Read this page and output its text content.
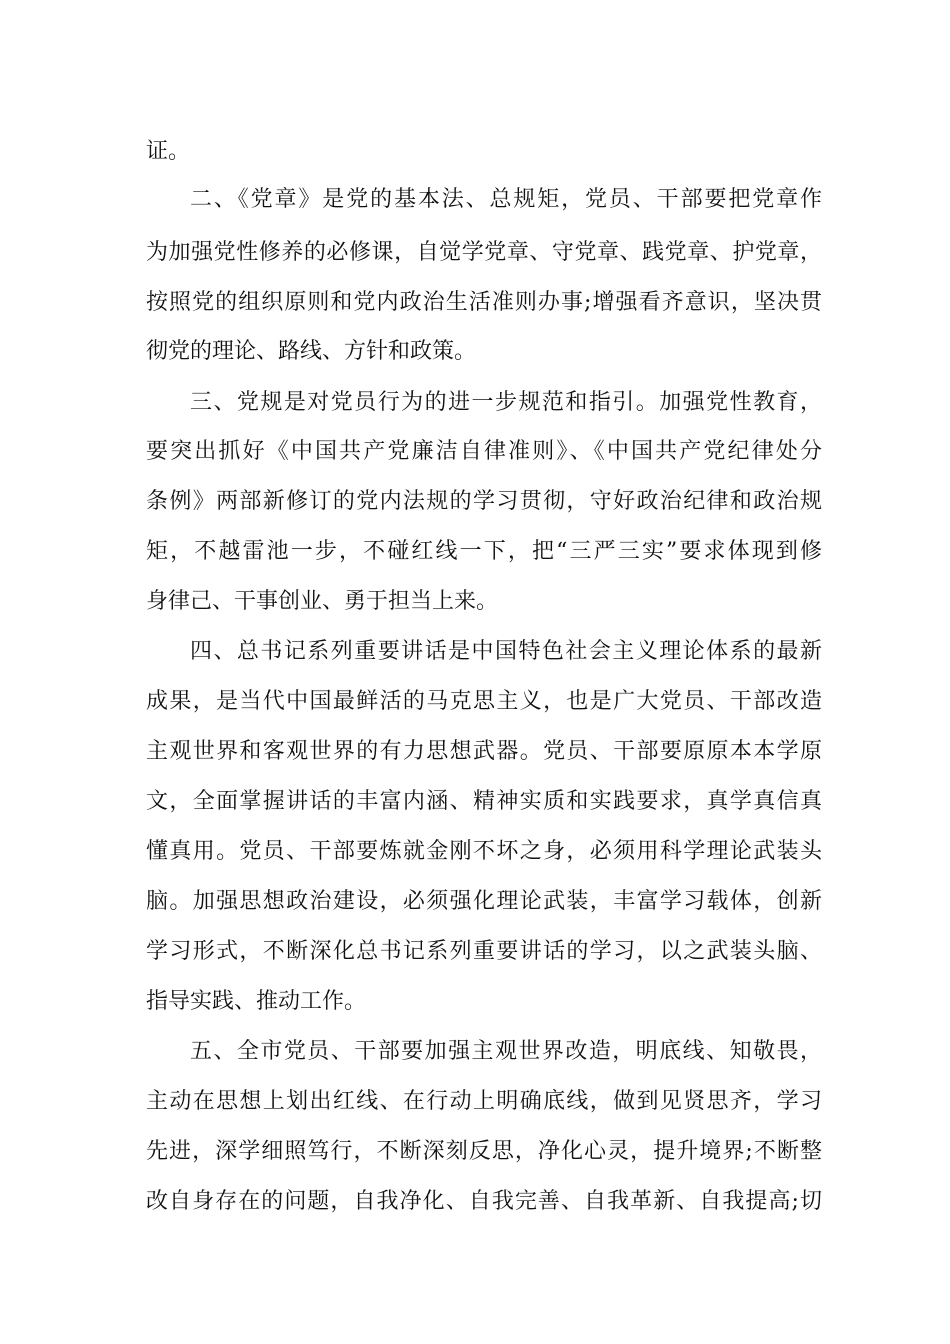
证。

二、《党章》是党的基本法、总规矩，党员、干部要把党章作

为加强党性修养的必修课，自觉学党章、守党章、践党章、护党章，

按照党的组织原则和党内政治生活准则办事;增强看齐意识，坚决贯

彻党的理论、路线、方针和政策。

三、党规是对党员行为的进一步规范和指引。加强党性教育，

要突出抓好《中国共产党廉洁自律准则》、《中国共产党纪律处分

条例》两部新修订的党内法规的学习贯彻，守好政治纪律和政治规

矩，不越雷池一步，不碰红线一下，把“三严三实”要求体现到修

身律己、干事创业、勇于担当上来。

四、总书记系列重要讲话是中国特色社会主义理论体系的最新

成果，是当代中国最鲜活的马克思主义，也是广大党员、干部改造

主观世界和客观世界的有力思想武器。党员、干部要原原本本学原

文，全面掌握讲话的丰富内涵、精神实质和实践要求，真学真信真

懂真用。党员、干部要炼就金刚不坏之身，必须用科学理论武装头

脑。加强思想政治建设，必须强化理论武装，丰富学习载体，创新

学习形式，不断深化总书记系列重要讲话的学习，以之武装头脑、

指导实践、推动工作。

五、全市党员、干部要加强主观世界改造，明底线、知敬畏，

主动在思想上划出红线、在行动上明确底线，做到见贤思齐，学习

先进，深学细照笃行，不断深刻反思，净化心灵，提升境界;不断整

改自身存在的问题，自我净化、自我完善、自我革新、自我提高;切
